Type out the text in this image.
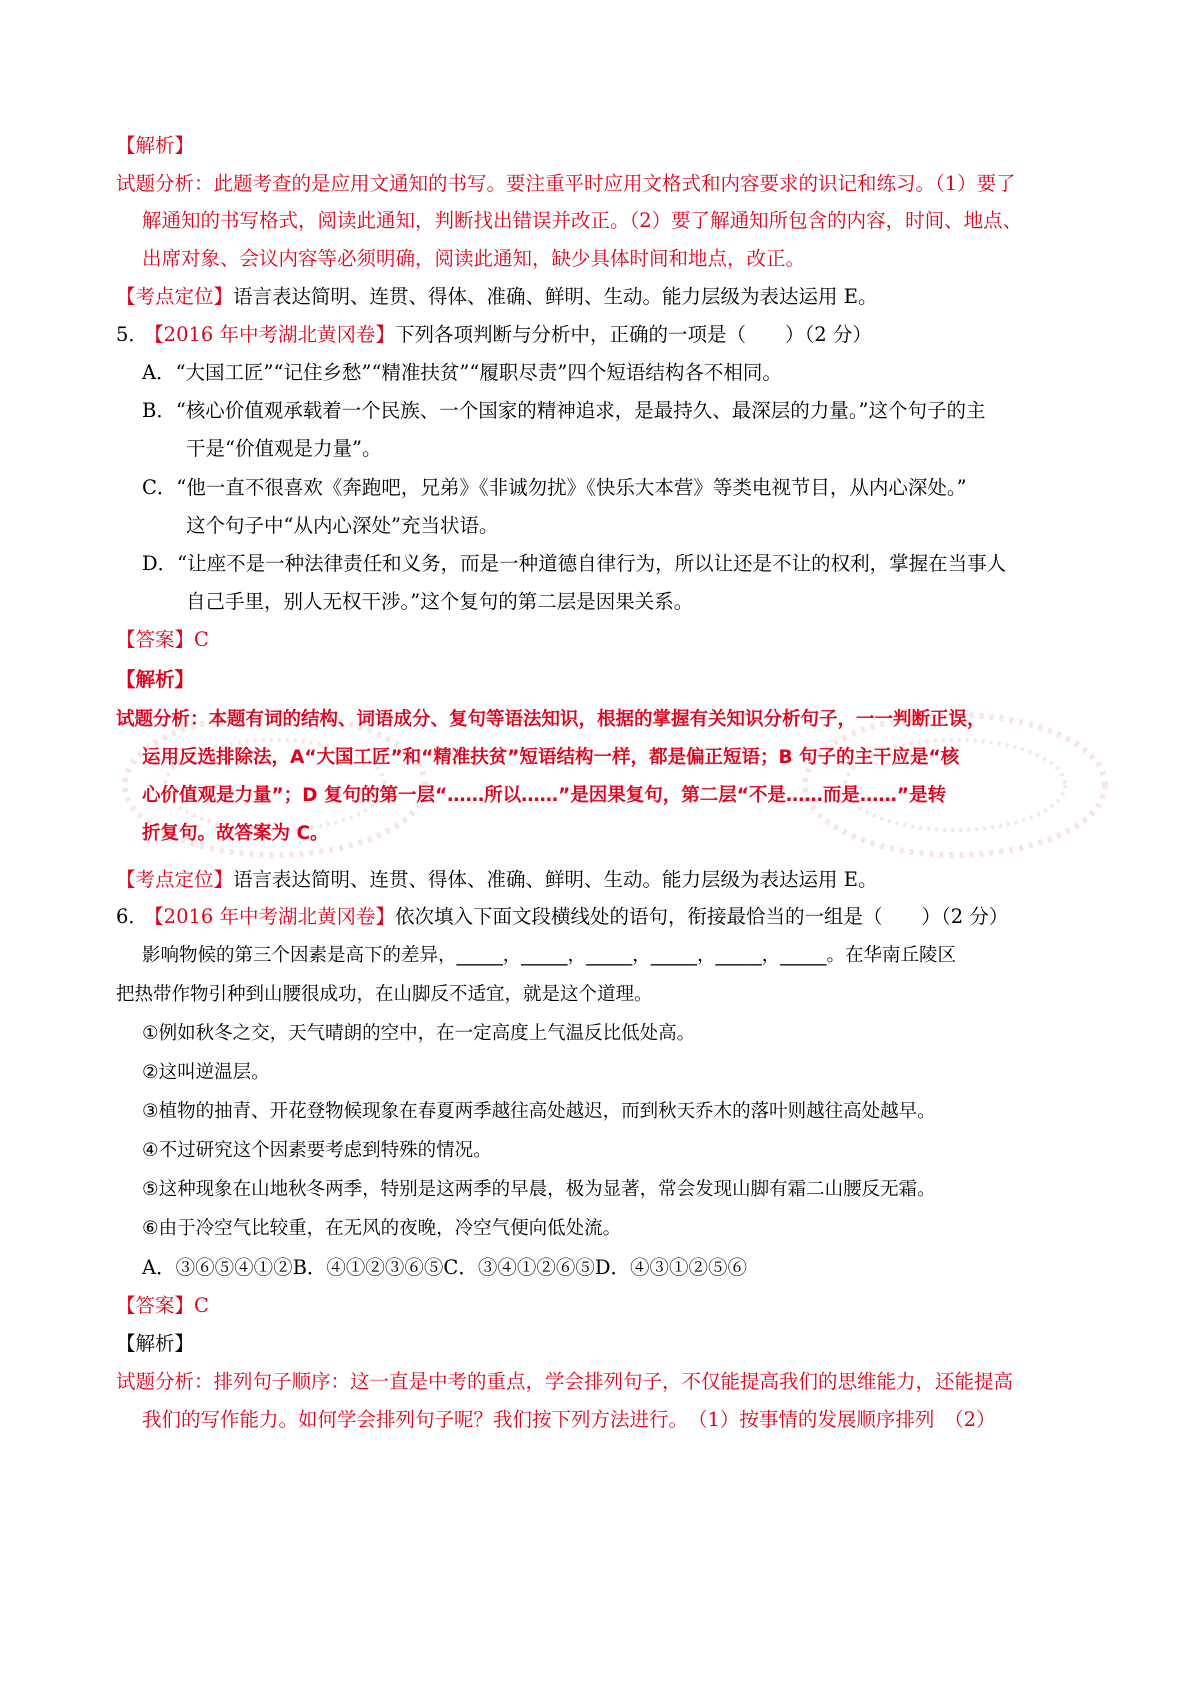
【解析】
试题分析：此题考查的是应用文通知的书写。要注重平时应用文格式和内容要求的识记和练习。（1）要了
解通知的书写格式，阅读此通知，判断找出错误并改正。（2）要了解通知所包含的内容，时间、地点、
出席对象、会议内容等必须明确，阅读此通知，缺少具体时间和地点，改正。
【考点定位】语言表达简明、连贯、得体、准确、鲜明、生动。能力层级为表达运用 E。
5． 【2016 年中考湖北黄冈卷】下列各项判断与分析中，正确的一项是（　　）（2 分）
A．“大国工匠”“记住乡愁”“精准扶贫”“履职尽责”四个短语结构各不相同。
B．“核心价值观承载着一个民族、一个国家的精神追求，是最持久、最深层的力量。”这个句子的主
干是“价值观是力量”。
C．“他一直不很喜欢《奔跑吧，兄弟》《非诚勿扰》《快乐大本营》等类电视节目，从内心深处。”
这个句子中“从内心深处”充当状语。
D．“让座不是一种法律责任和义务，而是一种道德自律行为，所以让还是不让的权利，掌握在当事人
自己手里，别人无权干涉。”这个复句的第二层是因果关系。
【答案】C
【解析】
试题分析：本题有词的结构、词语成分、复句等语法知识，根据的掌握有关知识分析句子，一一判断正误，
运用反选排除法，A“大国工匠”和“精准扶贫”短语结构一样，都是偏正短语；B 句子的主干应是“核
心价值观是力量”；D 复句的第一层“……所以……”是因果复句，第二层“不是……而是……”是转
折复句。故答案为 C。
【考点定位】语言表达简明、连贯、得体、准确、鲜明、生动。能力层级为表达运用 E。
6． 【2016 年中考湖北黄冈卷】依次填入下面文段横线处的语句，衔接最恰当的一组是（　　）（2 分）
影响物候的第三个因素是高下的差异，_____，_____，_____，_____，_____，_____。在华南丘陵区
把热带作物引种到山腰很成功，在山脚反不适宜，就是这个道理。
①例如秋冬之交，天气晴朗的空中，在一定高度上气温反比低处高。
②这叫逆温层。
③植物的抽青、开花登物候现象在春夏两季越往高处越迟，而到秋天乔木的落叶则越往高处越早。
④不过研究这个因素要考虑到特殊的情况。
⑤这种现象在山地秋冬两季，特别是这两季的早晨，极为显著，常会发现山脚有霜二山腰反无霜。
⑥由于冷空气比较重，在无风的夜晚，冷空气便向低处流。
A．③⑥⑤④①②B．④①②③⑥⑤C．③④①②⑥⑤D．④③①②⑤⑥
【答案】C
【解析】
试题分析：排列句子顺序：这一直是中考的重点，学会排列句子，不仅能提高我们的思维能力，还能提高
我们的写作能力。如何学会排列句子呢？我们按下列方法进行。　（1）按事情的发展顺序排列　（2）
